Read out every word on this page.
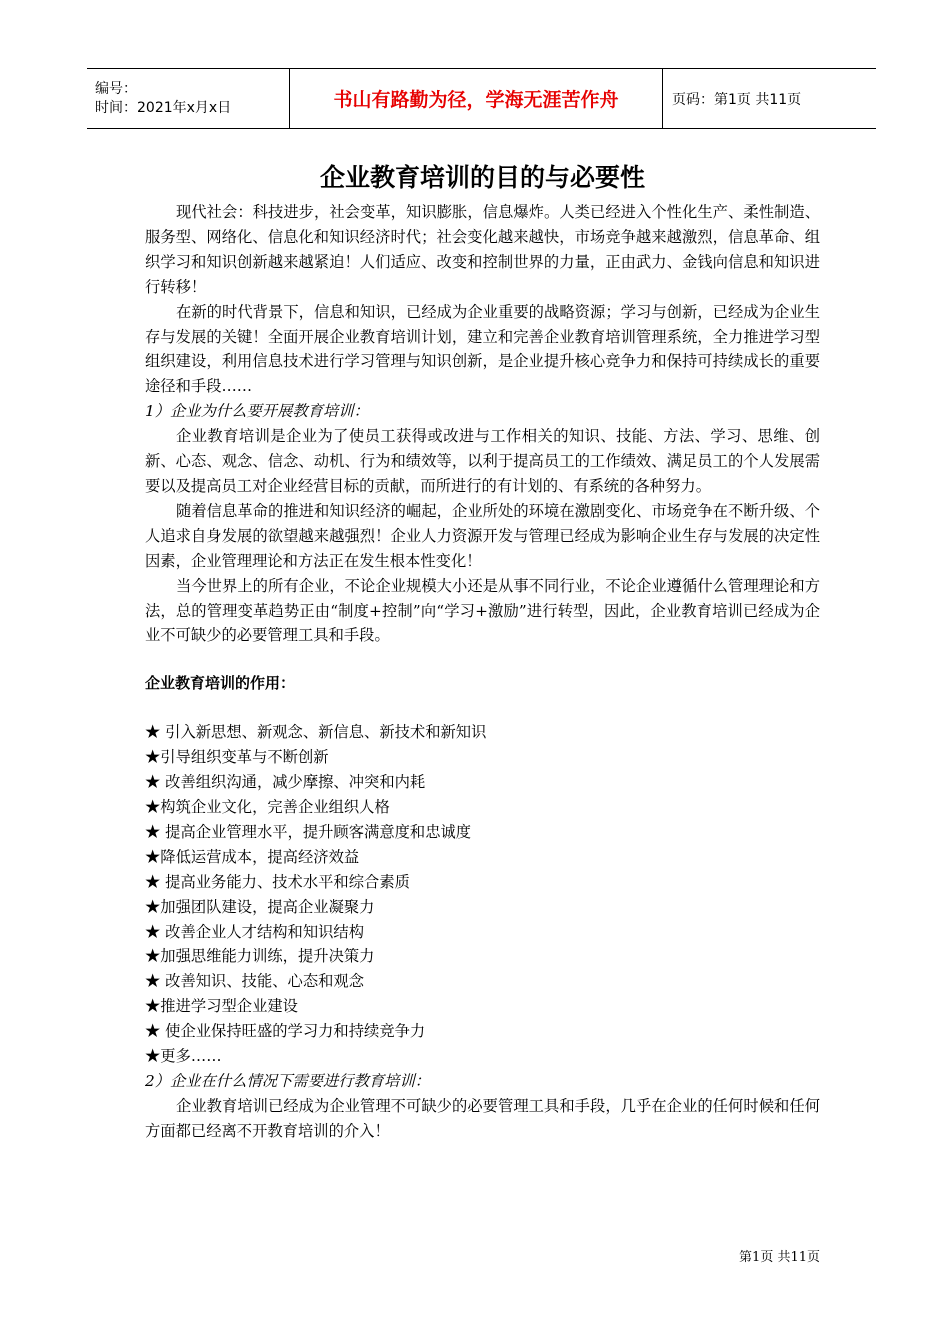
编号：
时间：2021年x月x日	书山有路勤为径，学海无涯苦作舟	页码：第1页 共11页
企业教育培训的目的与必要性

现代社会：科技进步，社会变革，知识膨胀，信息爆炸。人类已经进入个性化生产、柔性制造、服务型、网络化、信息化和知识经济时代；社会变化越来越快，市场竞争越来越激烈，信息革命、组织学习和知识创新越来越紧迫！人们适应、改变和控制世界的力量，正由武力、金钱向信息和知识进行转移！

在新的时代背景下，信息和知识，已经成为企业重要的战略资源；学习与创新，已经成为企业生存与发展的关键！全面开展企业教育培训计划，建立和完善企业教育培训管理系统，全力推进学习型组织建设，利用信息技术进行学习管理与知识创新，是企业提升核心竞争力和保持可持续成长的重要途径和手段……

1）企业为什么要开展教育培训：

企业教育培训是企业为了使员工获得或改进与工作相关的知识、技能、方法、学习、思维、创新、心态、观念、信念、动机、行为和绩效等，以利于提高员工的工作绩效、满足员工的个人发展需要以及提高员工对企业经营目标的贡献，而所进行的有计划的、有系统的各种努力。

随着信息革命的推进和知识经济的崛起，企业所处的环境在激剧变化、市场竞争在不断升级、个人追求自身发展的欲望越来越强烈！企业人力资源开发与管理已经成为影响企业生存与发展的决定性因素，企业管理理论和方法正在发生根本性变化！

当今世界上的所有企业，不论企业规模大小还是从事不同行业，不论企业遵循什么管理理论和方法，总的管理变革趋势正由“制度+控制”向“学习+激励”进行转型，因此，企业教育培训已经成为企业不可缺少的必要管理工具和手段。

企业教育培训的作用：
★ 引入新思想、新观念、新信息、新技术和新知识
★引导组织变革与不断创新
★ 改善组织沟通，减少摩擦、冲突和内耗
★构筑企业文化，完善企业组织人格
★ 提高企业管理水平，提升顾客满意度和忠诚度
★降低运营成本，提高经济效益
★ 提高业务能力、技术水平和综合素质
★加强团队建设，提高企业凝聚力
★ 改善企业人才结构和知识结构
★加强思维能力训练，提升决策力
★ 改善知识、技能、心态和观念
★推进学习型企业建设
★ 使企业保持旺盛的学习力和持续竞争力
★更多……

2）企业在什么情况下需要进行教育培训：

企业教育培训已经成为企业管理不可缺少的必要管理工具和手段，几乎在企业的任何时候和任何方面都已经离不开教育培训的介入！

第1页 共11页
